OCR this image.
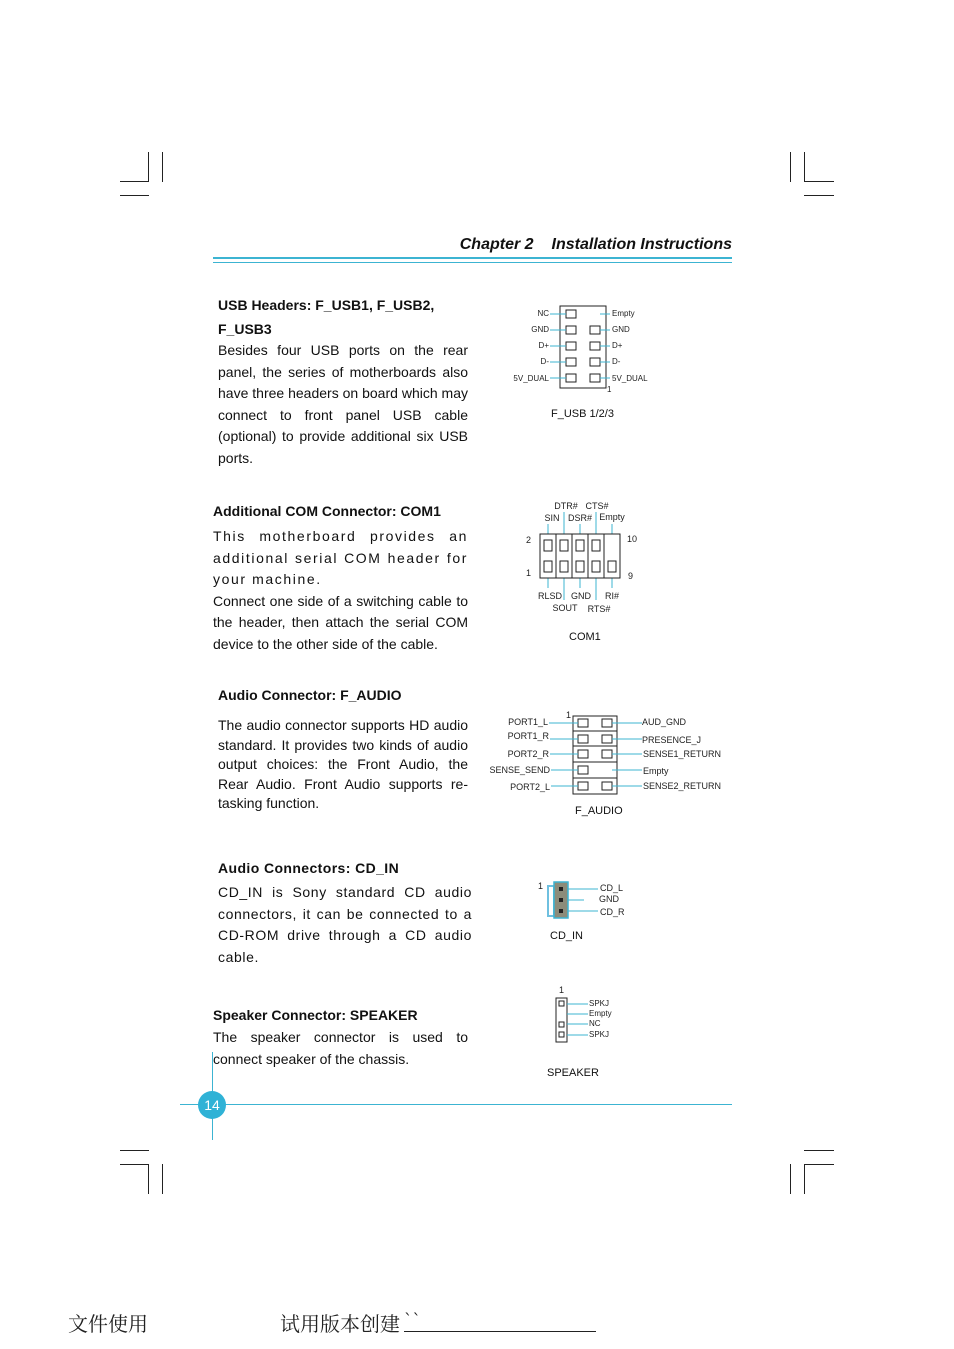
Chapter 2 Installation Instructions
USB Headers: F_USB1, F_USB2,
F_USB3

Besides four USB ports on the rear panel, the series of motherboards also have three headers on board which may connect to front panel USB cable (optional) to provide additional six USB ports.

NC
GND
D+
D-
5V_DUAL
Empty
GND
D+
D-
5V_DUAL
1
F_USB 1/2/3
Additional COM Connector: COM1

This motherboard provides an additional serial COM header for your machine.

Connect one side of a switching cable to the header, then attach the serial COM device to the other side of the cable.

DTR# CTS#
SIN DSR# Empty
2	10
1	9
RLSD GND RI#
SOUT RTS#
COM1
Audio Connector: F_AUDIO

The audio connector supports HD audio standard. It provides two kinds of audio output choices: the Front Audio, the Rear Audio. Front Audio supports re-tasking function.

PORT1_L
PORT1_R
PORT2_R
SENSE_SEND
PORT2_L
1
AUD_GND
PRESENCE_J
SENSE1_RETURN
Empty
SENSE2_RETURN
F_AUDIO
Audio Connectors: CD_IN

CD_IN is Sony standard CD audio connectors, it can be connected to a CD-ROM drive through a CD audio cable.

1	CD_L
GND
CD_R
CD_IN
Speaker Connector: SPEAKER

The speaker connector is used to connect speaker of the chassis.

1
SPKJ
Empty
NC
SPKJ
SPEAKER
14
文件使用	试用版本创建 ``
